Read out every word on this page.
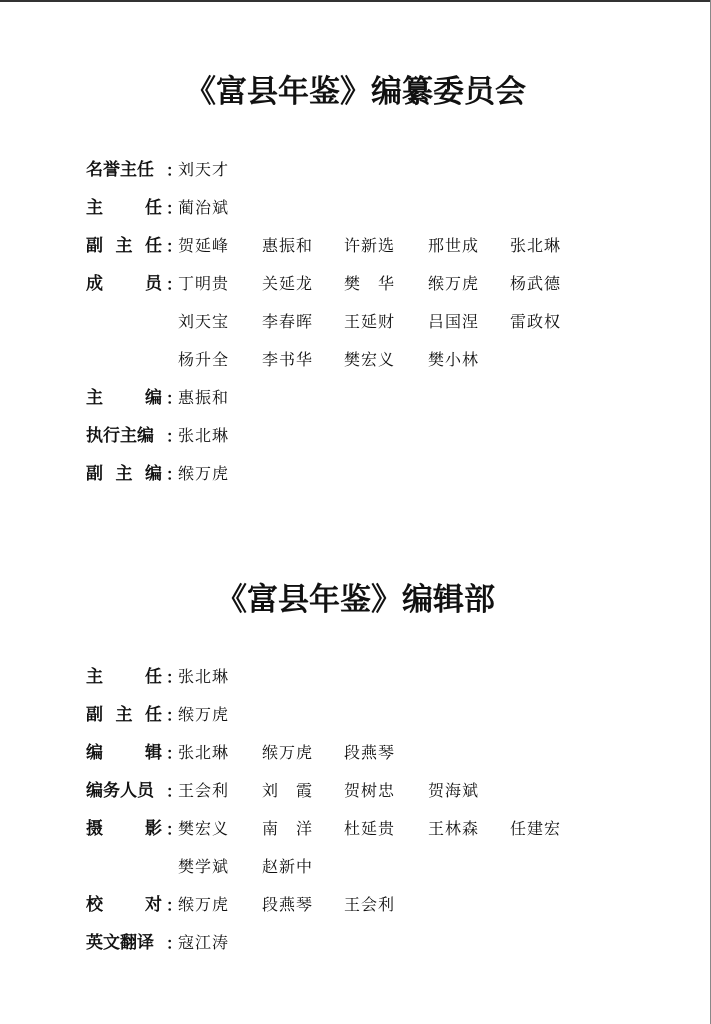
《富县年鉴》编纂委员会
名誉主任 ：
刘天才
主 任 ：
蔺治斌
副 主 任 ：
贺延峰	惠振和	许新选	邢世成	张北琳
成 员 ：
丁明贵	关延龙	樊　华	缑万虎	杨武德
刘天宝	李春晖	王延财	吕国涅	雷政权
杨升全	李书华	樊宏义	樊小林
主 编 ：
惠振和
执行主编 ：
张北琳
副 主 编 ：
缑万虎
《富县年鉴》编辑部
主 任 ：
张北琳
副 主 任 ：
缑万虎
编 辑 ：
张北琳	缑万虎	段燕琴
编务人员 ：
王会利	刘　霞	贺树忠	贺海斌
摄 影 ：
樊宏义	南　洋	杜延贵	王林森	任建宏
樊学斌	赵新中
校 对 ：
缑万虎	段燕琴	王会利
英文翻译 ：
寇江涛
